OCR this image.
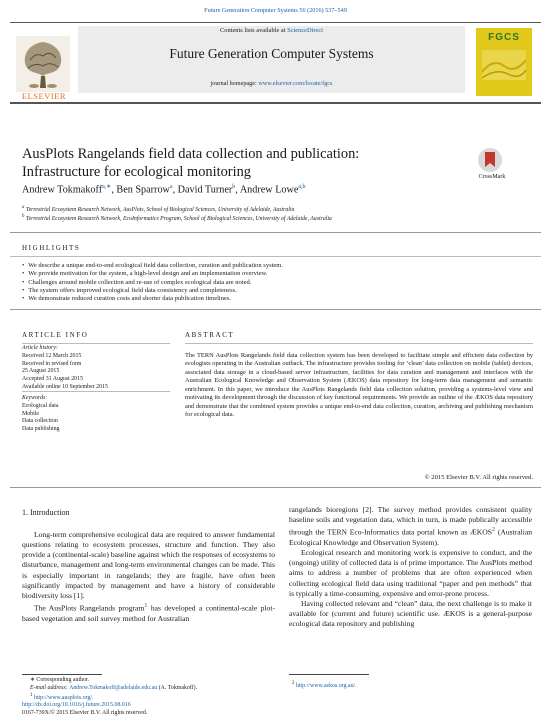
Future Generation Computer Systems 56 (2016) 537–549
ELSEVIER
Contents lists available at ScienceDirect
Future Generation Computer Systems
journal homepage: www.elsevier.com/locate/fgcs
FGCS
AusPlots Rangelands field data collection and publication:
Infrastructure for ecological monitoring	CrossMark
Andrew Tokmakoff$^{a,∗}$, Ben Sparrow$^a$, David Turner$^b$, Andrew Lowe$^{a,b}$
$^a$ Terrestrial Ecosystem Research Network, AusPlots, School of Biological Sciences, University of Adelaide, Australia
$^b$ Terrestrial Ecosystem Research Network, EcoInformatics Program, School of Biological Sciences, University of Adelaide, Australia
HIGHLIGHTS
• We describe a unique end-to-end ecological field data collection, curation and publication system.
• We provide motivation for the system, a high-level design and an implementation overview.
• Challenges around mobile collection and re-use of complex ecological data are noted.
• The system offers improved ecological field data consistency and completeness.
• We demonstrate reduced curation costs and shorter data publication timelines.
ARTICLE INFO
Article history:
Received 12 March 2015
Received in revised form
25 August 2015
Accepted 31 August 2015
Available online 10 September 2015
Keywords:
Ecological data
Mobile
Data collection
Data publishing
ABSTRACT
The TERN AusPlots Rangelands field data collection system has been developed to facilitate simple and efficient data collection by ecologists operating in the Australian outback. The infrastructure provides tooling for ‘clean’ data collection on mobile (tablet) devices, associated data storage in a cloud-based server infrastructure, facilities for data curation and management and interfaces with the Australian Ecological Knowledge and Observation System (ÆKOS) data repository for long-term data management and semantic enrichment. In this paper, we introduce the AusPlots Rangelands field data collection solution, providing a systems-level view and motivating its development through the discussion of key functional requirements. We provide an outline of the ÆKOS data repository and demonstrate that the combined system provides a unique end-to-end data collection, curation, archiving and publishing mechanism for ecological data.
© 2015 Elsevier B.V. All rights reserved.
1. Introduction

Long-term comprehensive ecological data are required to answer fundamental questions relating to ecosystem processes, structure and function. They also provide a (continental-scale) baseline against which the responses of ecosystems to disturbance, management and long-term environmental changes can be made. This is especially important in rangelands; they are fragile, have often been significantly impacted by management and have a history of considerable biodiversity loss [1].

The AusPlots Rangelands program$^1$ has developed a continental-scale plot-based vegetation and soil survey method for Australian

rangelands bioregions [2]. The survey method provides consistent quality baseline soils and vegetation data, which in turn, is made publically accessible through the TERN Eco-Informatics data portal known as ÆKOS$^2$ (Australian Ecological Knowledge and Observation System).

Ecological research and monitoring work is expensive to conduct, and the (ongoing) utility of collected data is of prime importance. The AusPlots method aims to address a number of problems that are often experienced when collecting ecological field data using traditional “paper and pen methods” that is typically a time-consuming, expensive and error-prone process.

Having collected relevant and “clean” data, the next challenge is to make it available for (current and future) scientific use. ÆKOS is a general-purpose ecological data repository and publishing

∗ Corresponding author.
E-mail address: Andrew.Tokmakoff@adelaide.edu.au (A. Tokmakoff).
$^1$ http://www.ausplots.org/.
$^2$ http://www.aekos.org.au/.
http://dx.doi.org/10.1016/j.future.2015.08.016
0167-739X/© 2015 Elsevier B.V. All rights reserved.
